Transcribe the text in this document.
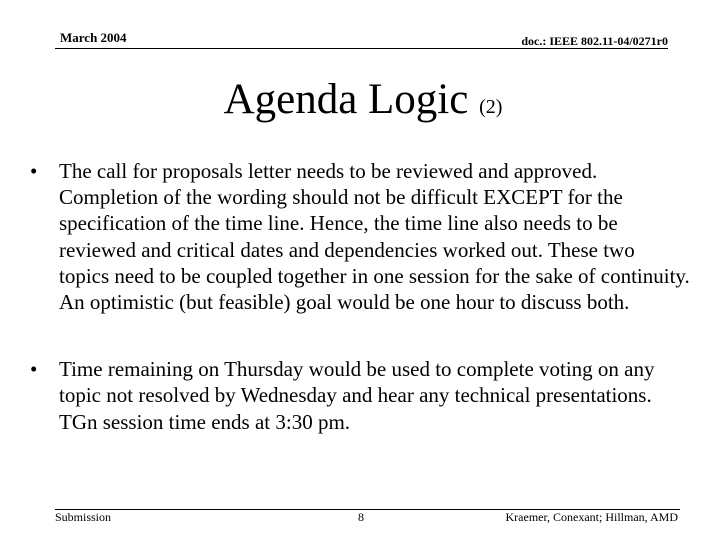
March 2004	doc.: IEEE 802.11-04/0271r0
Agenda Logic (2)
• The call for proposals letter needs to be reviewed and approved. Completion of the wording should not be difficult EXCEPT for the specification of the time line. Hence, the time line also needs to be reviewed and critical dates and dependencies worked out. These two topics need to be coupled together in one session for the sake of continuity. An optimistic (but feasible) goal would be one hour to discuss both.
• Time remaining on Thursday would be used to complete voting on any topic not resolved by Wednesday and hear any technical presentations. TGn session time ends at 3:30 pm.
Submission	8	Kraemer, Conexant; Hillman, AMD
